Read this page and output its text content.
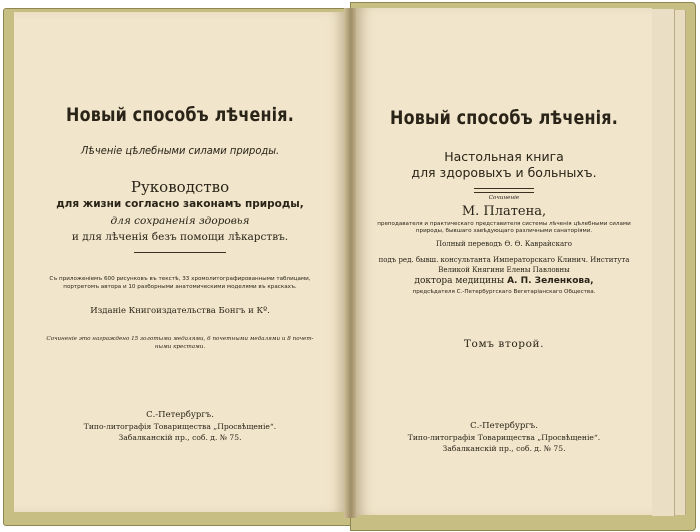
Новый способъ лѣченія.
Лѣченіе цѣлебными силами природы.
Руководство
для жизни согласно законамъ природы,
для сохраненія здоровья
и для лѣченія безъ помощи лѣкарствъ.
Съ приложеніемъ 600 рисунковъ въ текстѣ, 33 хромолитографированными таблицами,
портретомъ автора и 10 разборными анатомическими моделями въ краскахъ.
Изданіе Книгоиздательства Бонгъ и Кº.
Сочиненіе это награждено 15 золотыми медалями, 6 почетными медалями и 8 почет-
ными крестами.
С.-Петербургъ.
Типо-литографія Товарищества „Просвѣщеніе“.
Забалканскій пр., соб. д. № 75.
Новый способъ лѣченія.
Настольная книга
для здоровыхъ и больныхъ.
Сочиненіе
М. Платена,
преподавателя и практическаго представителя системы лѣченія цѣлебными силами
природы, бывшаго завѣдующаго различными санаторіями.
Полный переводъ Ѳ. Ѳ. Кавраѝскаго
подъ ред. бывш. консультанта Императорскаго Клинич. Института
Великой Княгини Елены Павловны
доктора медицины А. П. Зеленкова,
предсѣдателя С.-Петербургскаго Вегетаріанскаго Общества.
Томъ второй.
С.-Петербургъ.
Типо-литографія Товарищества „Просвѣщеніе“.
Забалканскій пр., соб. д. № 75.
